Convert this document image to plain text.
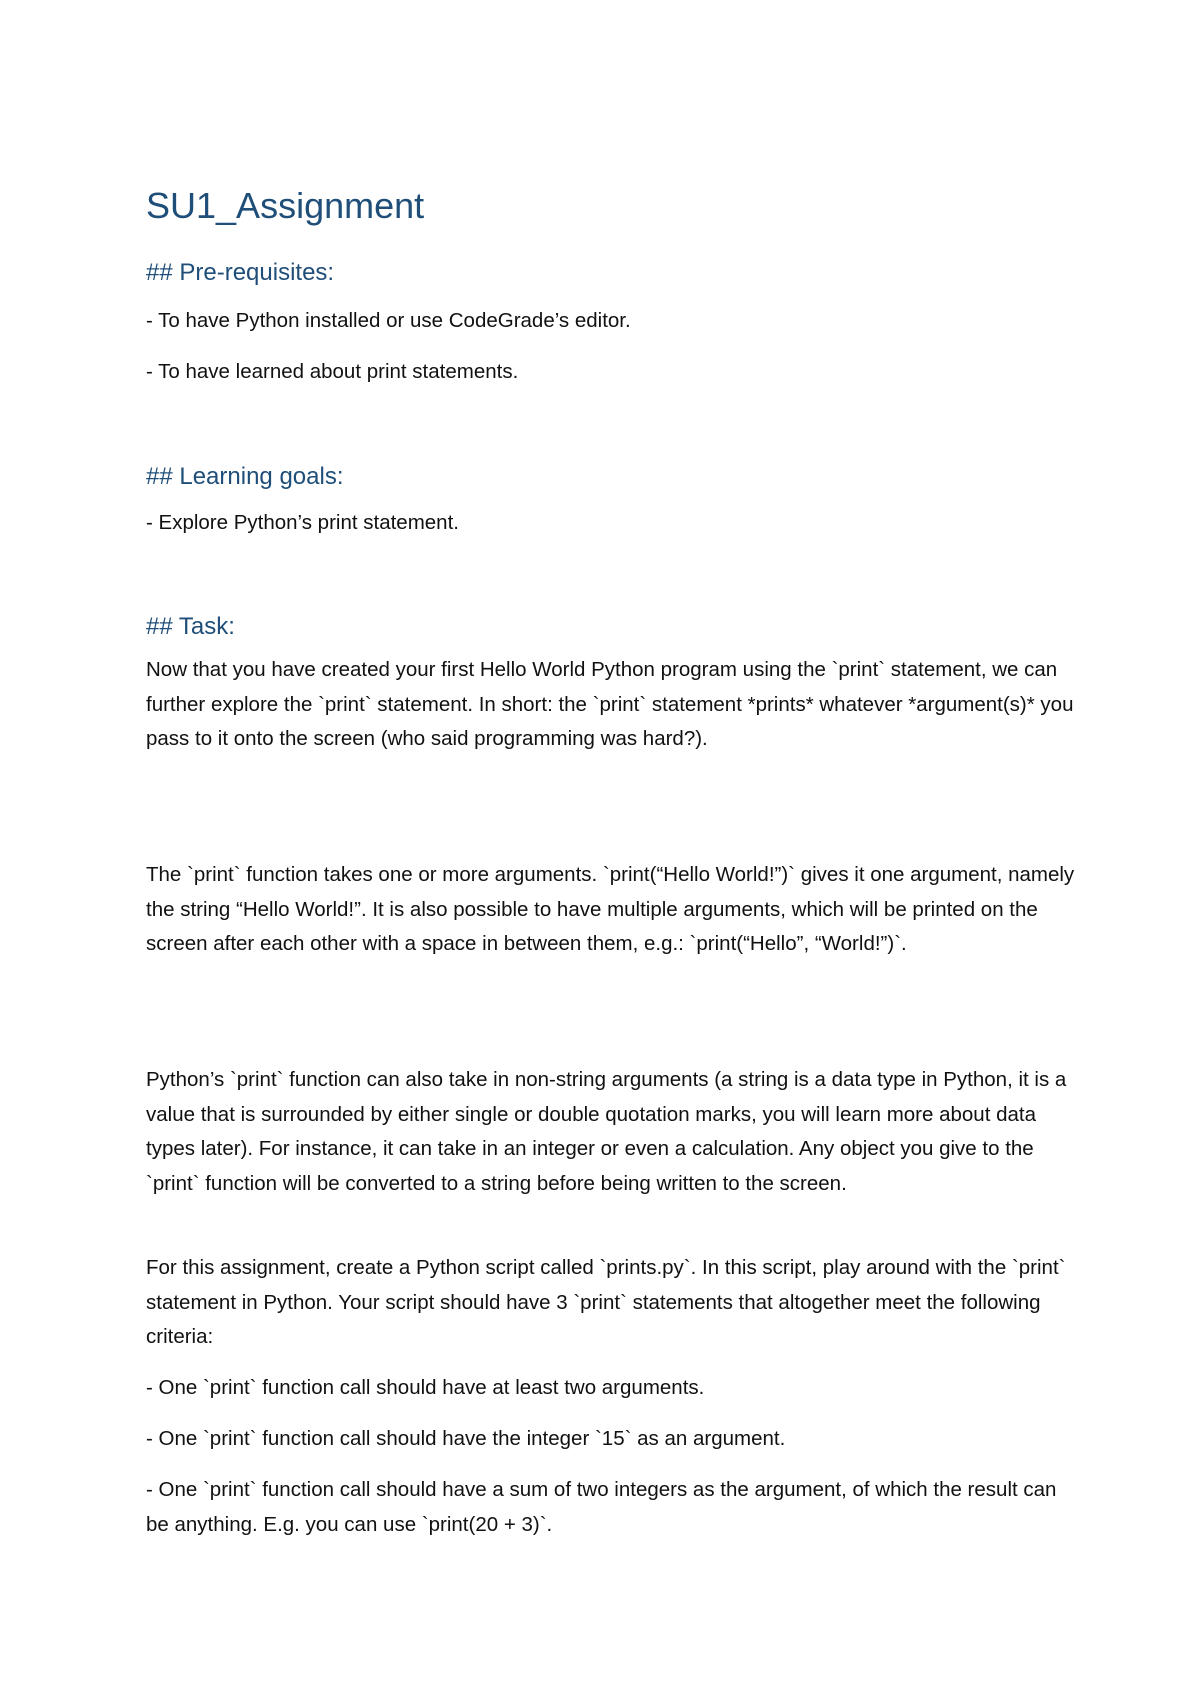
SU1_Assignment
## Pre-requisites:

- To have Python installed or use CodeGrade’s editor.

- To have learned about print statements.

## Learning goals:

- Explore Python’s print statement.

## Task:

Now that you have created your first Hello World Python program using the `print` statement, we can further explore the `print` statement. In short: the `print` statement *prints* whatever *argument(s)* you pass to it onto the screen (who said programming was hard?).

The `print` function takes one or more arguments. `print(“Hello World!”)` gives it one argument, namely the string “Hello World!”. It is also possible to have multiple arguments, which will be printed on the screen after each other with a space in between them, e.g.: `print(“Hello”, “World!”)`.

Python’s `print` function can also take in non-string arguments (a string is a data type in Python, it is a value that is surrounded by either single or double quotation marks, you will learn more about data types later). For instance, it can take in an integer or even a calculation. Any object you give to the `print` function will be converted to a string before being written to the screen.

For this assignment, create a Python script called `prints.py`. In this script, play around with the `print` statement in Python. Your script should have 3 `print` statements that altogether meet the following criteria:

- One `print` function call should have at least two arguments.

- One `print` function call should have the integer `15` as an argument.

- One `print` function call should have a sum of two integers as the argument, of which the result can be anything. E.g. you can use `print(20 + 3)`.
